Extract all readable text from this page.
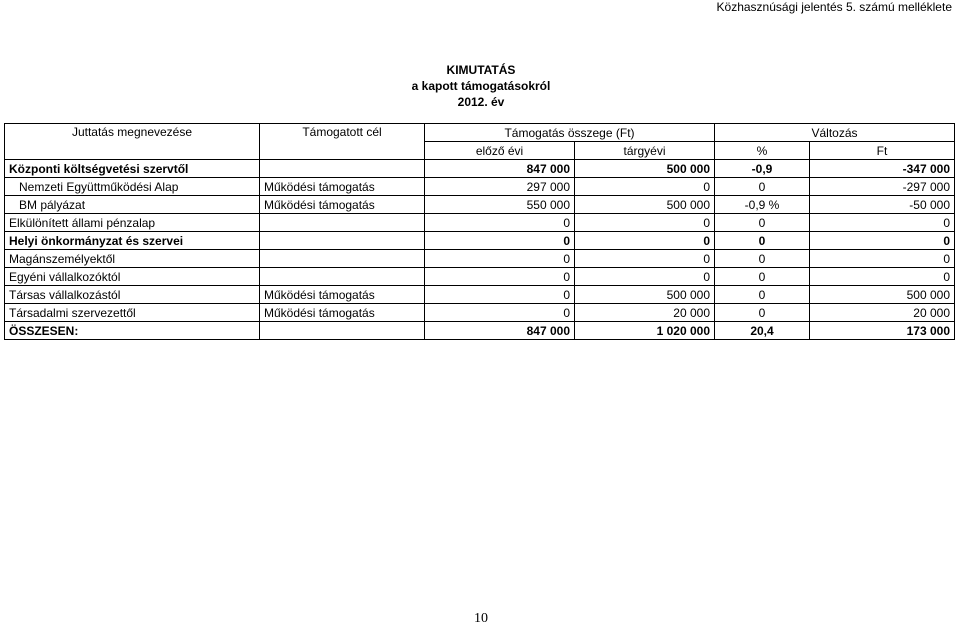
Közhasznúsági jelentés 5. számú melléklete
KIMUTATÁS
a kapott támogatásokról
2012. év
Juttatás megnevezése	Támogatott cél	Támogatás összege (Ft)		Változás	
		előző évi	tárgyévi	%	Ft
Központi költségvetési szervtől		847 000	500 000	-0,9	-347 000
Nemzeti Együttműködési Alap	Működési támogatás	297 000	0	0	-297 000
BM pályázat	Működési támogatás	550 000	500 000	-0,9 %	-50 000
Elkülönített állami pénzalap		0	0	0	0
Helyi önkormányzat és szervei		0	0	0	0
Magánszemélyektől		0	0	0	0
Egyéni vállalkozóktól		0	0	0	0
Társas vállalkozástól	Működési támogatás	0	500 000	0	500 000
Társadalmi szervezettől	Működési támogatás	0	20 000	0	20 000
ÖSSZESEN:		847 000	1 020 000	20,4	173 000
10
